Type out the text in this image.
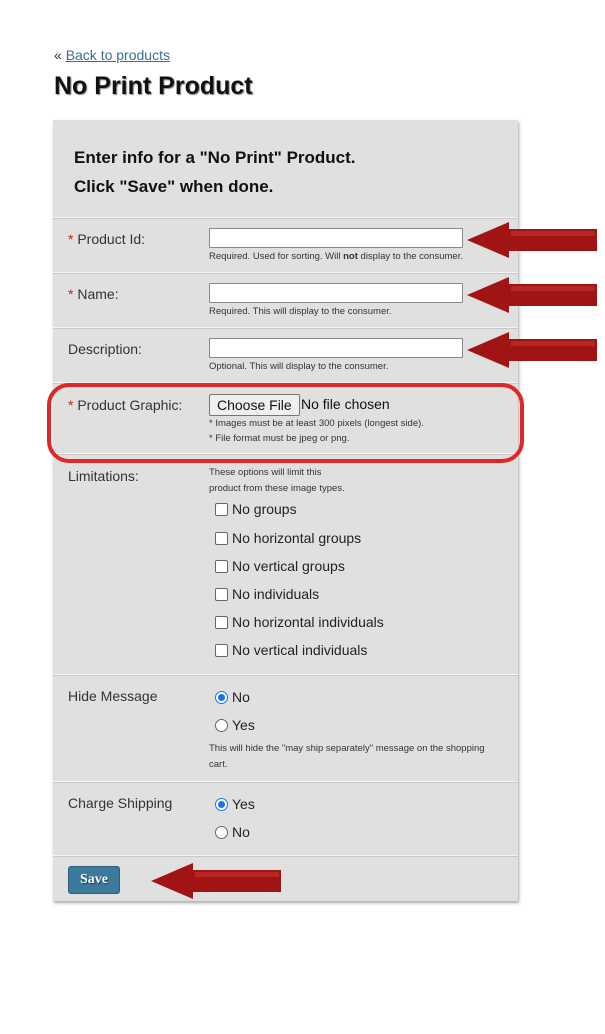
« Back to products
No Print Product
Enter info for a "No Print" Product.
Click "Save" when done.
* Product Id:
Required. Used for sorting. Will not display to the consumer.
* Name:
Required. This will display to the consumer.
Description:
Optional. This will display to the consumer.
* Product Graphic:	Choose File No file chosen
* Images must be at least 300 pixels (longest side).
* File format must be jpeg or png.
Limitations:	These options will limit this
product from these image types.
No groups
No horizontal groups
No vertical groups
No individuals
No horizontal individuals
No vertical individuals
Hide Message	No
Yes
This will hide the "may ship separately" message on the shopping
cart.
Charge Shipping	Yes
No
Save
